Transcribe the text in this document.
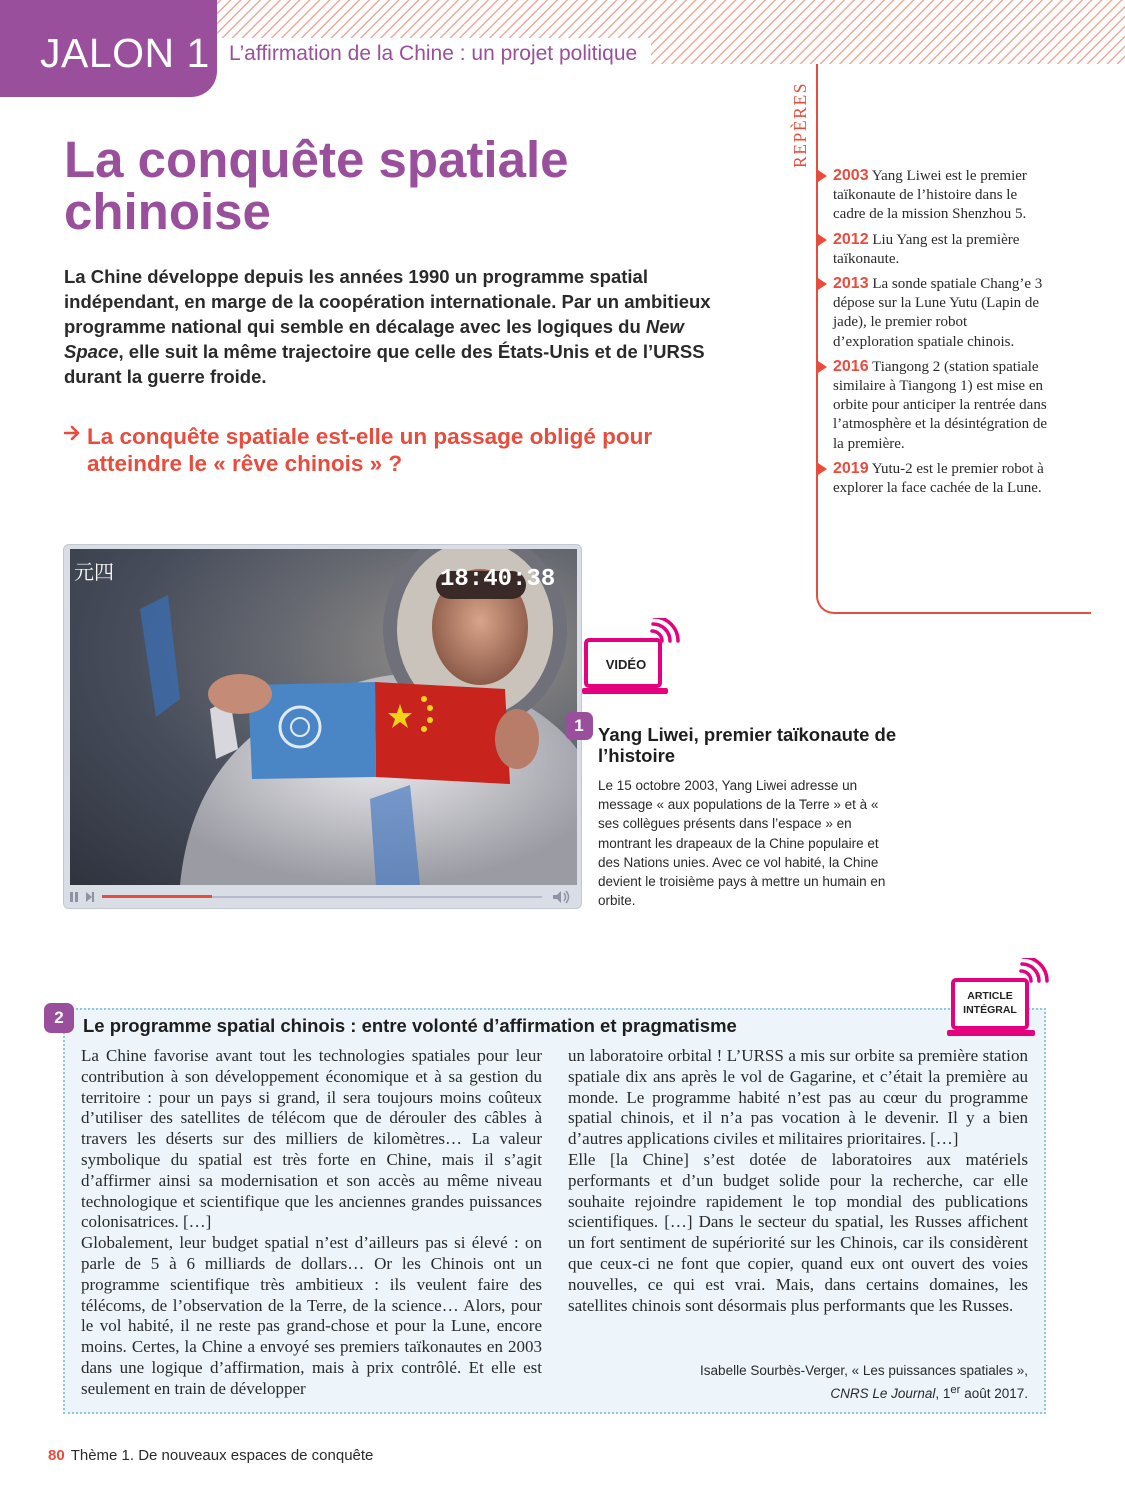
JALON 1 L’affirmation de la Chine : un projet politique
La conquête spatiale
chinoise
La Chine développe depuis les années 1990 un programme spatial indépendant, en marge de la coopération internationale. Par un ambitieux programme national qui semble en décalage avec les logiques du New Space, elle suit la même trajectoire que celle des États-Unis et de l’URSS durant la guerre froide.
La conquête spatiale est-elle un passage obligé pour atteindre le « rêve chinois » ?
REPÈRES
2003 Yang Liwei est le premier taïkonaute de l’histoire dans le cadre de la mission Shenzhou 5.
2012 Liu Yang est la première taïkonaute.
2013 La sonde spatiale Chang’e 3 dépose sur la Lune Yutu (Lapin de jade), le premier robot d’exploration spatiale chinois.
2016 Tiangong 2 (station spatiale similaire à Tiangong 1) est mise en orbite pour anticiper la rentrée dans l’atmosphère et la désintégration de la première.
2019 Yutu-2 est le premier robot à explorer la face cachée de la Lune.
元四	18:40:38
VIDÉO
1 Yang Liwei, premier taïkonaute de l’histoire
Le 15 octobre 2003, Yang Liwei adresse un message « aux populations de la Terre » et à « ses collègues présents dans l’espace » en montrant les drapeaux de la Chine populaire et des Nations unies. Avec ce vol habité, la Chine devient le troisième pays à mettre un humain en orbite.
2	Le programme spatial chinois : entre volonté d’affirmation et pragmatisme
ARTICLE
INTÉGRAL

La Chine favorise avant tout les technologies spatiales pour leur contribution à son développement économique et à sa gestion du territoire : pour un pays si grand, il sera toujours moins coûteux d’utiliser des satellites de télécom que de dérouler des câbles à travers les déserts sur des milliers de kilomètres… La valeur symbolique du spatial est très forte en Chine, mais il s’agit d’affirmer ainsi sa modernisation et son accès au même niveau technologique et scientifique que les anciennes grandes puissances colonisatrices. […]

Globalement, leur budget spatial n’est d’ailleurs pas si élevé : on parle de 5 à 6 milliards de dollars… Or les Chinois ont un programme scientifique très ambitieux : ils veulent faire des télécoms, de l’observation de la Terre, de la science… Alors, pour le vol habité, il ne reste pas grand-chose et pour la Lune, encore moins. Certes, la Chine a envoyé ses premiers taïkonautes en 2003 dans une logique d’affirmation, mais à prix contrôlé. Et elle est seulement en train de développer

un laboratoire orbital ! L’URSS a mis sur orbite sa première station spatiale dix ans après le vol de Gagarine, et c’était la première au monde. Le programme habité n’est pas au cœur du programme spatial chinois, et il n’a pas vocation à le devenir. Il y a bien d’autres applications civiles et militaires prioritaires. […]

Elle [la Chine] s’est dotée de laboratoires aux matériels performants et d’un budget solide pour la recherche, car elle souhaite rejoindre rapidement le top mondial des publications scientifiques. […] Dans le secteur du spatial, les Russes affichent un fort sentiment de supériorité sur les Chinois, car ils considèrent que ceux-ci ne font que copier, quand eux ont ouvert des voies nouvelles, ce qui est vrai. Mais, dans certains domaines, les satellites chinois sont désormais plus performants que les Russes.

Isabelle Sourbès-Verger, « Les puissances spatiales »,
CNRS Le Journal, 1er août 2017.
80 Thème 1. De nouveaux espaces de conquête
